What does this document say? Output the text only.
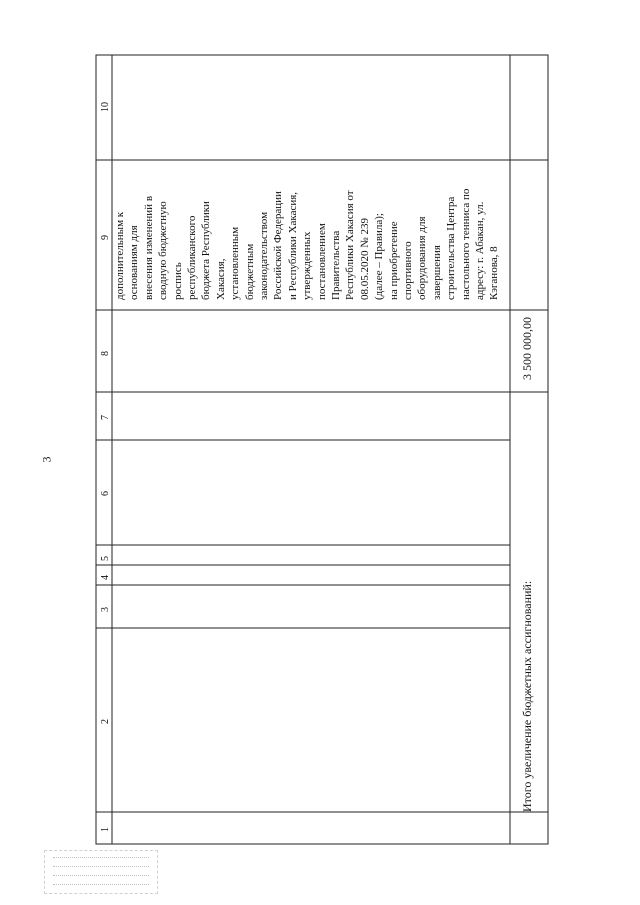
3
1
2
3
4
5
6
7
8
9
10
дополнительным к основаниям для внесения изменений в сводную бюджетную роспись республиканского бюджета Республики Хакасия, установленным бюджетным законодательством Российской Федерации и Республики Хакасия, утвержденных постановлением Правительства Республики Хакасия от 08.05.2020 № 239 (далее – Правила); на приобретение спортивного оборудования для завершения строительства Центра настольного тенниса по адресу: г. Абакан, ул. Кэганова, 8
Итого увеличение бюджетных ассигнований:
3 500 000,00
